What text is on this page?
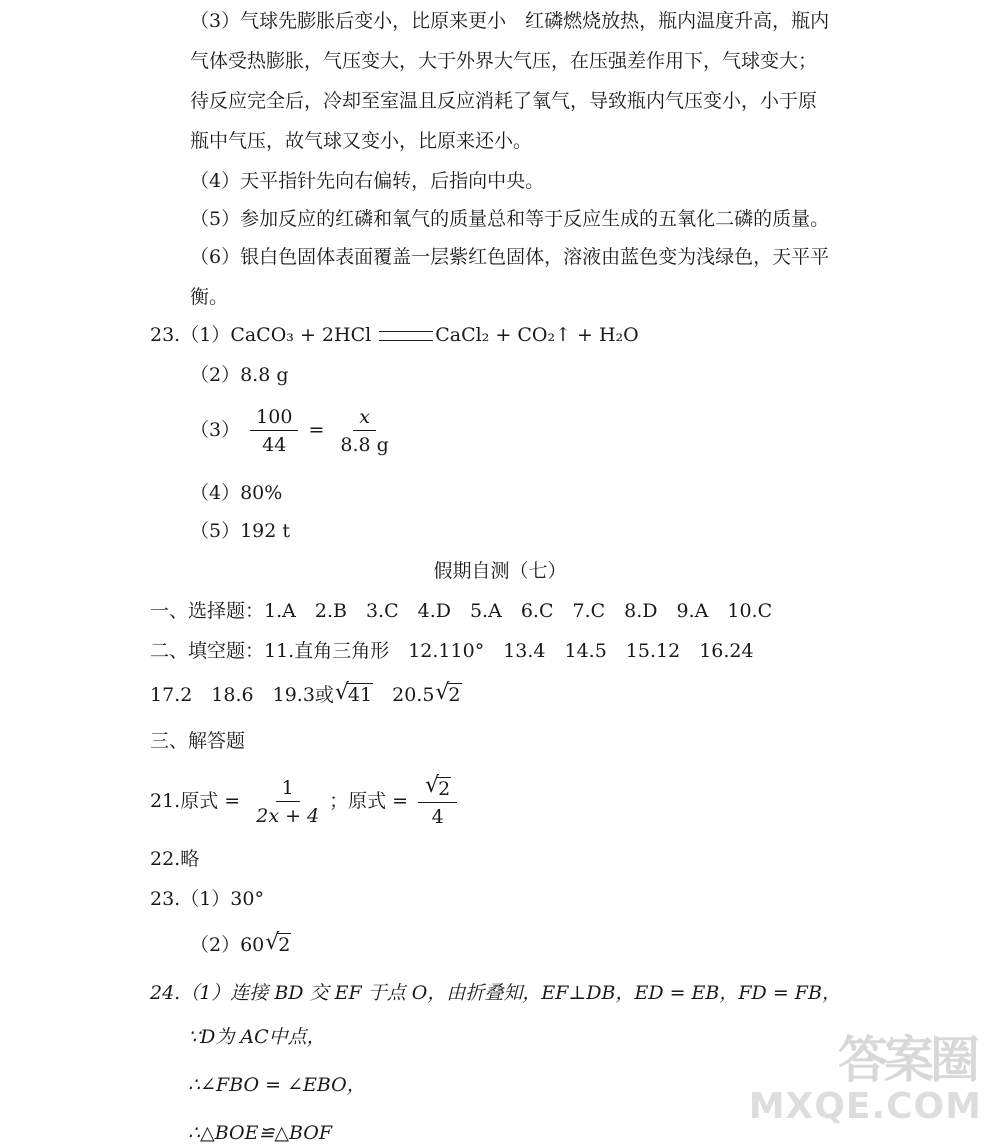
（3）气球先膨胀后变小，比原来更小　红磷燃烧放热，瓶内温度升高，瓶内
气体受热膨胀，气压变大，大于外界大气压，在压强差作用下，气球变大；
待反应完全后，冷却至室温且反应消耗了氧气，导致瓶内气压变小，小于原
瓶中气压，故气球又变小，比原来还小。
（4）天平指针先向右偏转，后指向中央。
（5）参加反应的红磷和氧气的质量总和等于反应生成的五氧化二磷的质量。
（6）银白色固体表面覆盖一层紫红色固体，溶液由蓝色变为浅绿色，天平平
衡。
23.（1）CaCO₃ + 2HCl	CaCl₂ + CO₂↑ + H₂O
（2）8.8 g
$(3) \frac{100}{44} = \frac{x}{8.8 g}$
（4）80%
（5）192 t
假期自测（七）
一、选择题：1.A　2.B　3.C　4.D　5.A　6.C　7.C　8.D　9.A　10.C
二、填空题：11.直角三角形　12.110°　13.4　14.5　15.12　16.24
17.2　18.6　19.3或 √ 41　20.5 √ 2
三、解答题
21.原式 = $\frac{1}{2x + 4}$ ；原式 = √ $\frac{2}{4}$
22.略
23.（1）30°
（2）60 √ 2
24.（1）连接 BD 交 EF 于点 O，由折叠知，EF⊥DB，ED = EB，FD = FB，
∵D为 AC中点，
∴∠FBO = ∠EBO，
∴△BOE≌△BOF
答案圈
MXQE.COM
